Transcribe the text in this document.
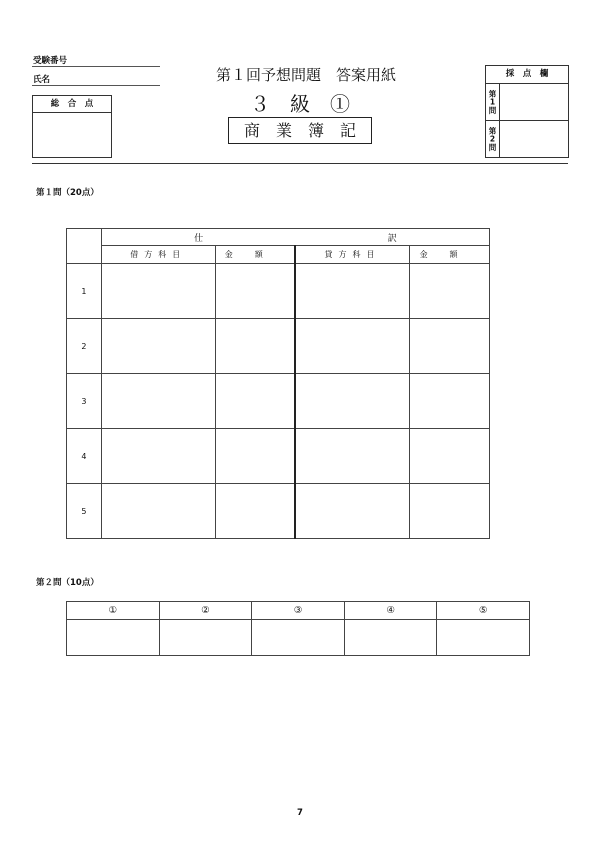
受験番号
氏名
総　合　点
第１回予想問題　答案用紙
３　級　①
商　業　簿　記
採　点　欄
第1問
第2問
第１問（20点）

	仕 訳			

	借方科目	金額	貸方科目	金額
1				
2				
3				
4				
5				
第２問（10点）
①	②	③	④	⑤

7
